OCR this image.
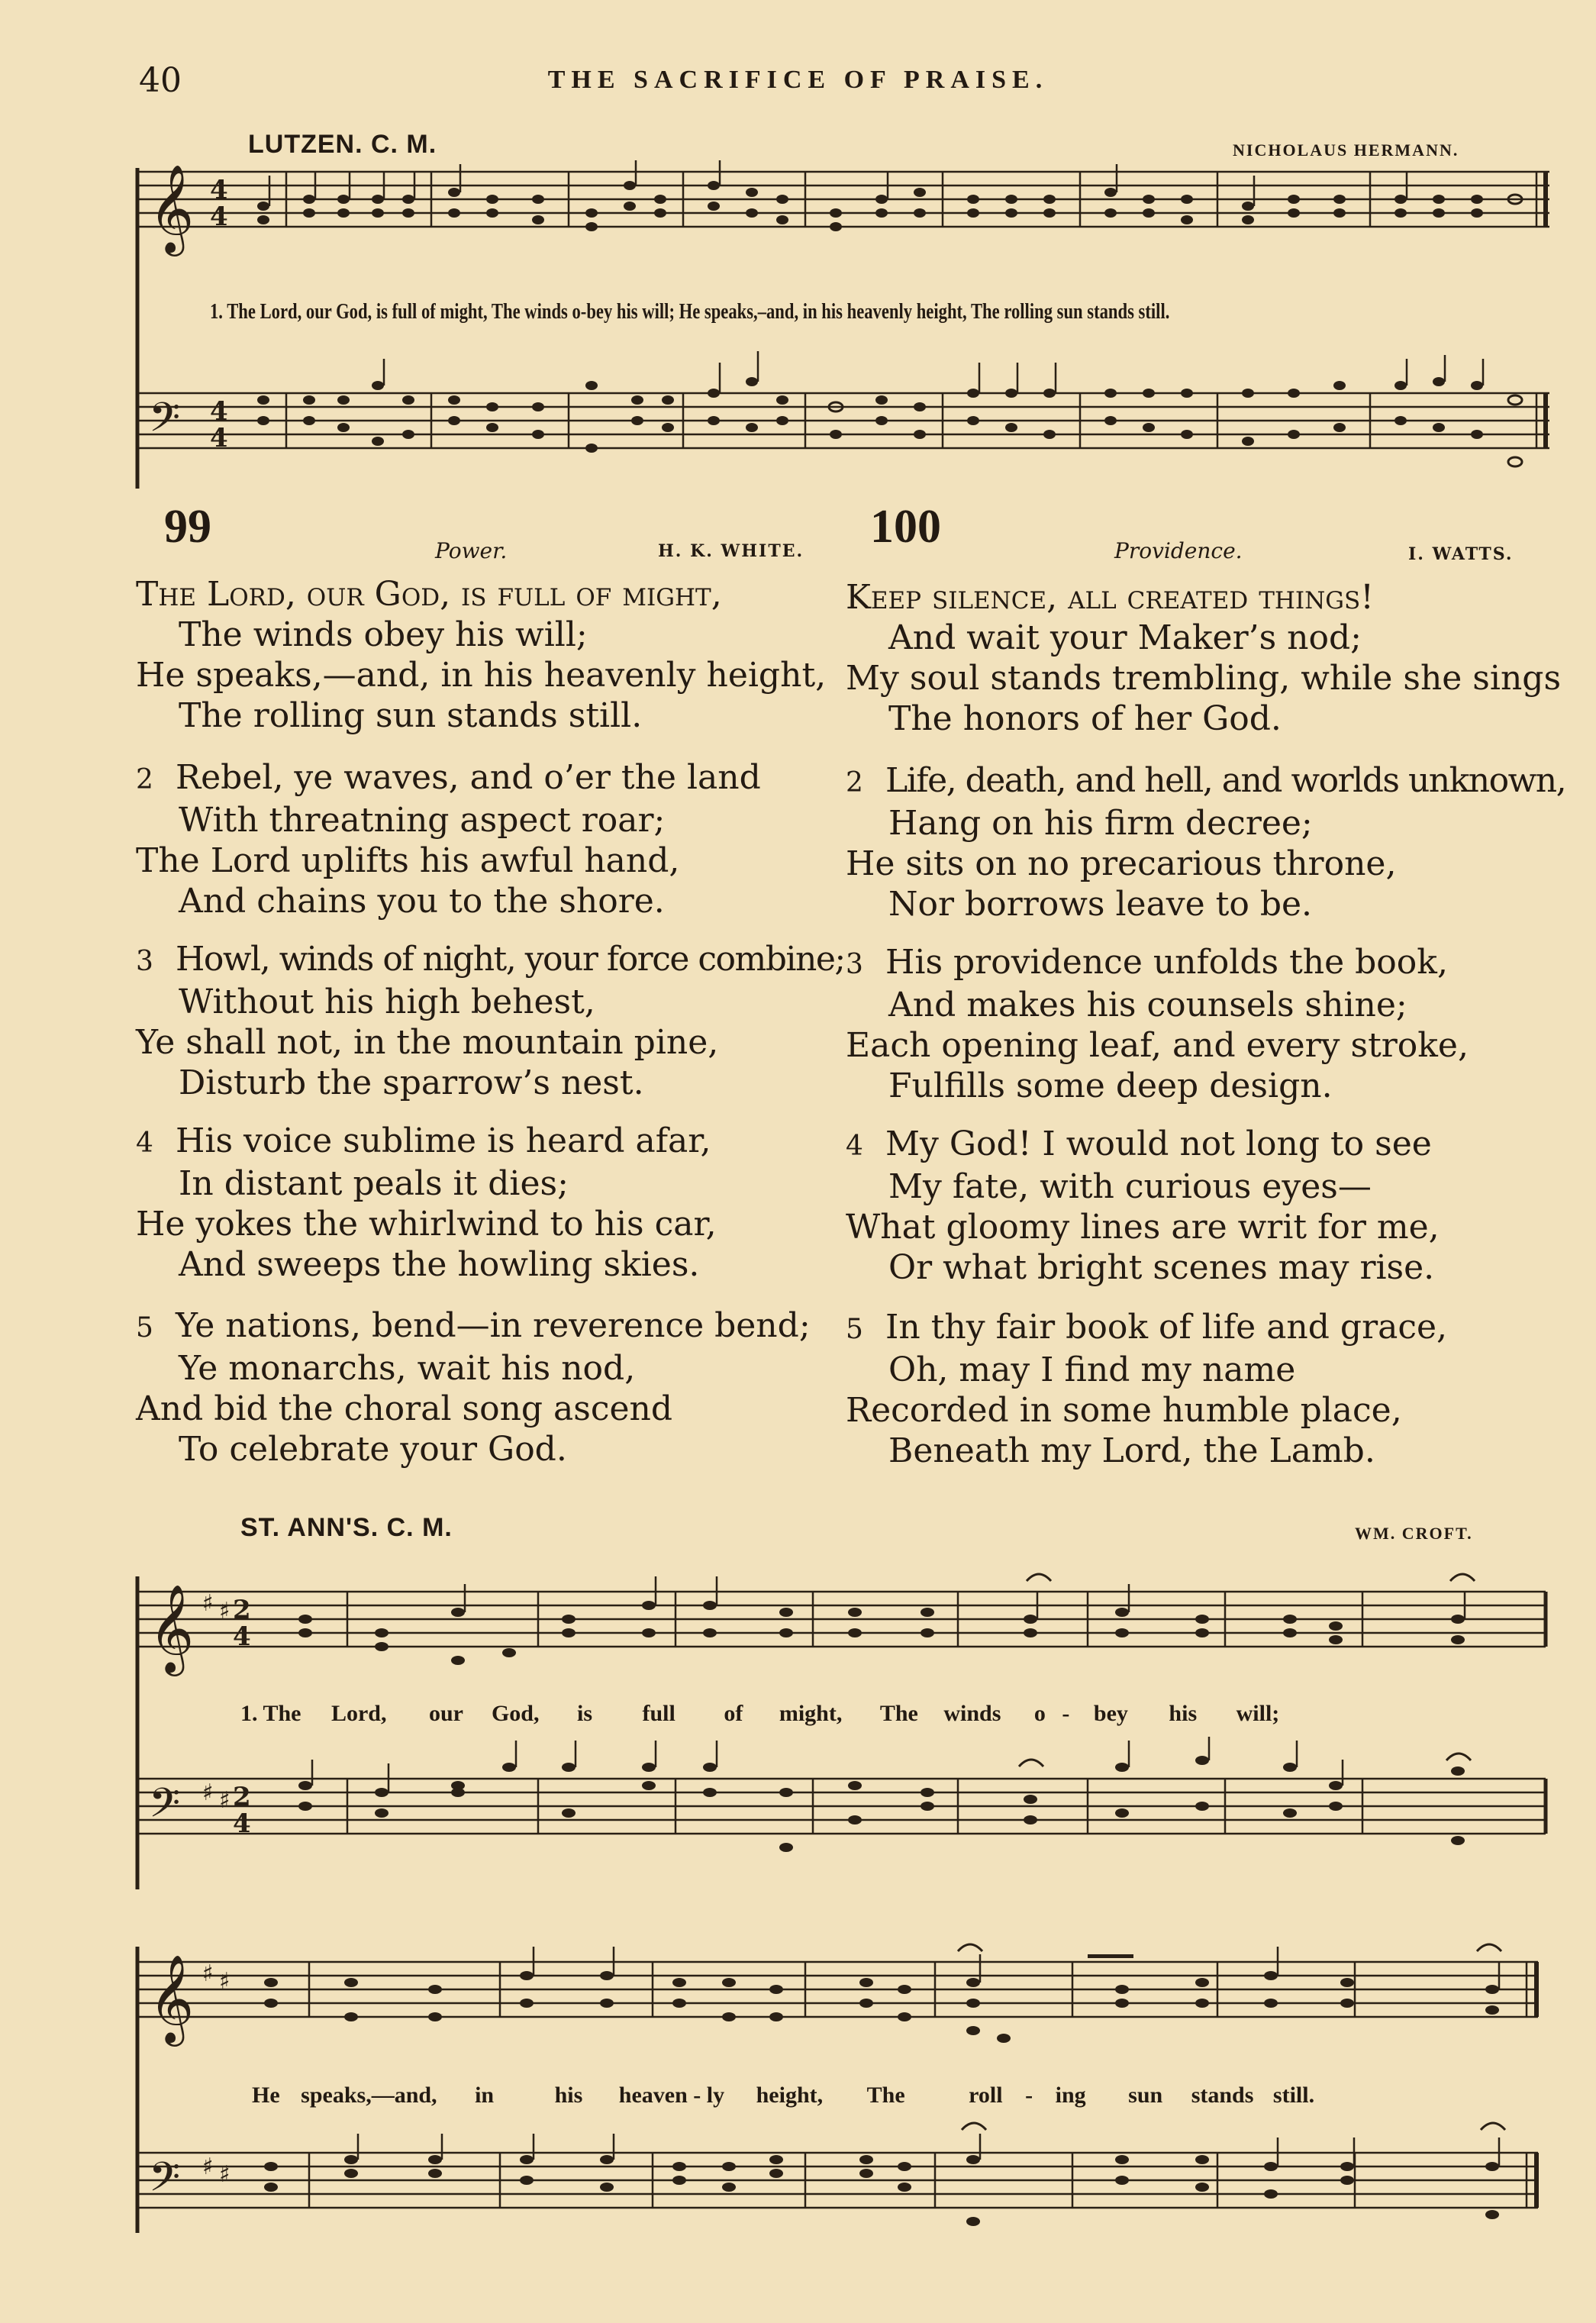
40	THE SACRIFICE OF PRAISE.
LUTZEN. C. M.	NICHOLAUS HERMANN.
𝄞 4
4
1. The Lord, our God, is full of might, The winds o-bey his will; He speaks,–and, in his heavenly height, The rolling sun stands still.
𝄢 4
4
99	Power.	H. K. WHITE.
The Lord, our God, is full of might,
The winds obey his will;
He speaks,—and, in his heavenly height,
The rolling sun stands still.
2 Rebel, ye waves, and o’er the land
With threatning aspect roar;
The Lord uplifts his awful hand,
And chains you to the shore.
3 Howl, winds of night, your force combine;
Without his high behest,
Ye shall not, in the mountain pine,
Disturb the sparrow’s nest.
4 His voice sublime is heard afar,
In distant peals it dies;
He yokes the whirlwind to his car,
And sweeps the howling skies.
5 Ye nations, bend—in reverence bend;
Ye monarchs, wait his nod,
And bid the choral song ascend
To celebrate your God.
100	Providence.	I. WATTS.
Keep silence, all created things!
And wait your Maker’s nod;
My soul stands trembling, while she sings
The honors of her God.
2 Life, death, and hell, and worlds unknown,
Hang on his firm decree;
He sits on no precarious throne,
Nor borrows leave to be.
3 His providence unfolds the book,
And makes his counsels shine;
Each opening leaf, and every stroke,
Fulfills some deep design.
4 My God! I would not long to see
My fate, with curious eyes—
What gloomy lines are writ for me,
Or what bright scenes may rise.
5 In thy fair book of life and grace,
Oh, may I find my name
Recorded in some humble place,
Beneath my Lord, the Lamb.
ST. ANN'S. C. M.	WM. CROFT.
𝄞 ♯ ♯ 2
4
1. The Lord, our God, is full of might, The winds o - bey his will;
𝄢 ♯ ♯ 2
4
𝄞 ♯ ♯
He speaks,—and, in	his heaven - ly height, The	roll - ing sun stands still.
𝄢 ♯ ♯
